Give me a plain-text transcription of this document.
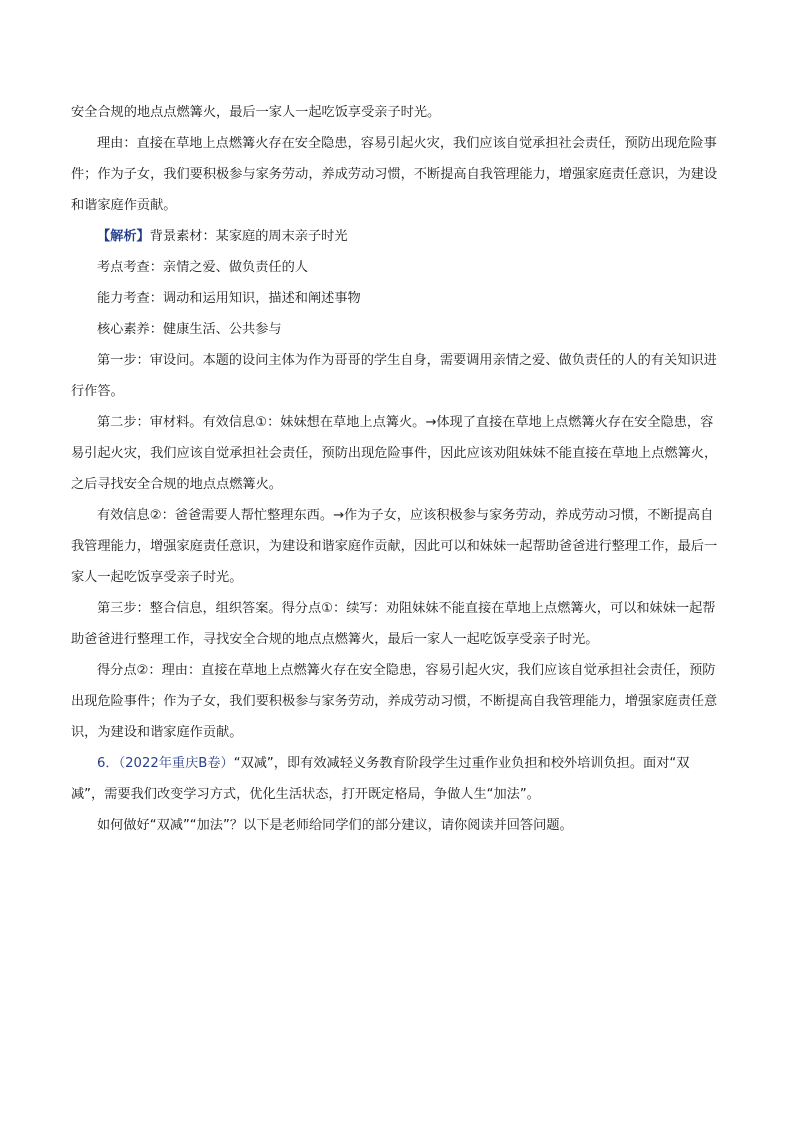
安全合规的地点点燃篝火，最后一家人一起吃饭享受亲子时光。

理由：直接在草地上点燃篝火存在安全隐患，容易引起火灾，我们应该自觉承担社会责任，预防出现危险事件；作为子女，我们要积极参与家务劳动，养成劳动习惯，不断提高自我管理能力，增强家庭责任意识，为建设和谐家庭作贡献。

【解析】背景素材：某家庭的周末亲子时光

考点考查：亲情之爱、做负责任的人

能力考查：调动和运用知识，描述和阐述事物

核心素养：健康生活、公共参与

第一步：审设问。本题的设问主体为作为哥哥的学生自身，需要调用亲情之爱、做负责任的人的有关知识进行作答。

第二步：审材料。有效信息①：妹妹想在草地上点篝火。→体现了直接在草地上点燃篝火存在安全隐患，容易引起火灾，我们应该自觉承担社会责任，预防出现危险事件，因此应该劝阻妹妹不能直接在草地上点燃篝火，之后寻找安全合规的地点点燃篝火。

有效信息②：爸爸需要人帮忙整理东西。→作为子女，应该积极参与家务劳动，养成劳动习惯，不断提高自我管理能力，增强家庭责任意识，为建设和谐家庭作贡献，因此可以和妹妹一起帮助爸爸进行整理工作，最后一家人一起吃饭享受亲子时光。

第三步：整合信息，组织答案。得分点①：续写：劝阻妹妹不能直接在草地上点燃篝火，可以和妹妹一起帮助爸爸进行整理工作，寻找安全合规的地点点燃篝火，最后一家人一起吃饭享受亲子时光。

得分点②：理由：直接在草地上点燃篝火存在安全隐患，容易引起火灾，我们应该自觉承担社会责任，预防出现危险事件；作为子女，我们要积极参与家务劳动，养成劳动习惯，不断提高自我管理能力，增强家庭责任意识，为建设和谐家庭作贡献。

6．（2022年重庆B卷）“双减”，即有效减轻义务教育阶段学生过重作业负担和校外培训负担。面对“双减”，需要我们改变学习方式，优化生活状态，打开既定格局，争做人生“加法”。

如何做好“双减”“加法”？以下是老师给同学们的部分建议，请你阅读并回答问题。
